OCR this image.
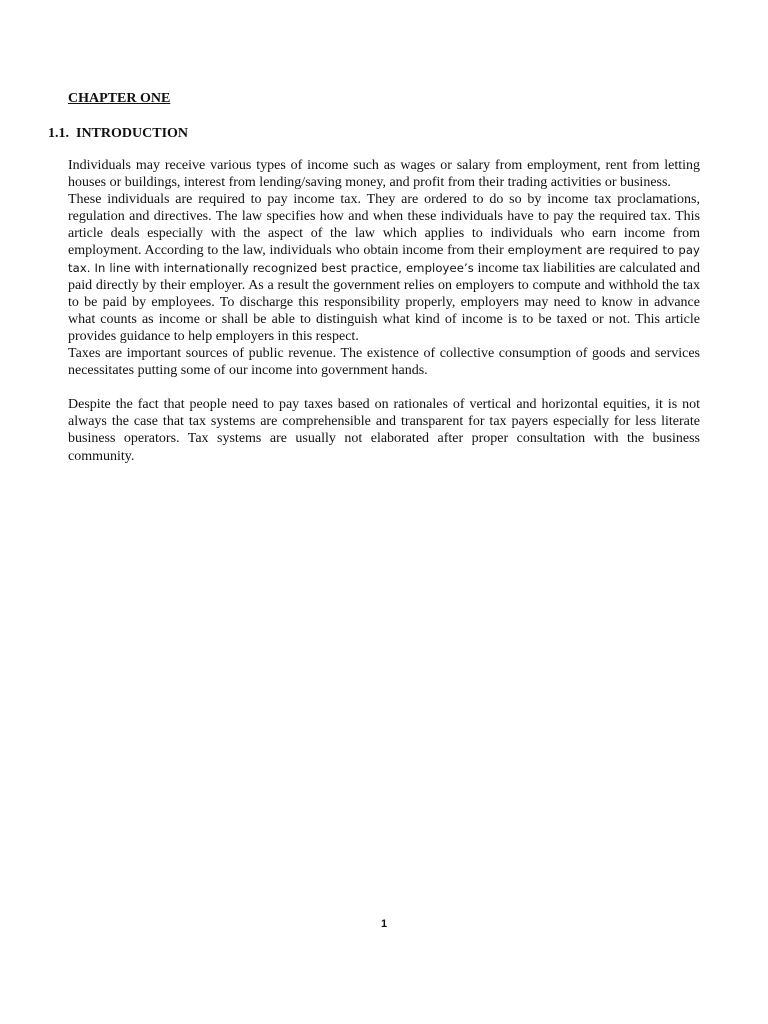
CHAPTER ONE
1.1. INTRODUCTION

Individuals may receive various types of income such as wages or salary from employment, rent from letting houses or buildings, interest from lending/saving money, and profit from their trading activities or business.

These individuals are required to pay income tax. They are ordered to do so by income tax proclamations, regulation and directives. The law specifies how and when these individuals have to pay the required tax. This article deals especially with the aspect of the law which applies to individuals who earn income from employment. According to the law, individuals who obtain income from their employment are required to pay tax. In line with internationally recognized best practice, employee’s income tax liabilities are calculated and paid directly by their employer. As a result the government relies on employers to compute and withhold the tax to be paid by employees. To discharge this responsibility properly, employers may need to know in advance what counts as income or shall be able to distinguish what kind of income is to be taxed or not. This article provides guidance to help employers in this respect.

Taxes are important sources of public revenue. The existence of collective consumption of goods and services necessitates putting some of our income into government hands.

Despite the fact that people need to pay taxes based on rationales of vertical and horizontal equities, it is not always the case that tax systems are comprehensible and transparent for tax payers especially for less literate business operators. Tax systems are usually not elaborated after proper consultation with the business community.

1
